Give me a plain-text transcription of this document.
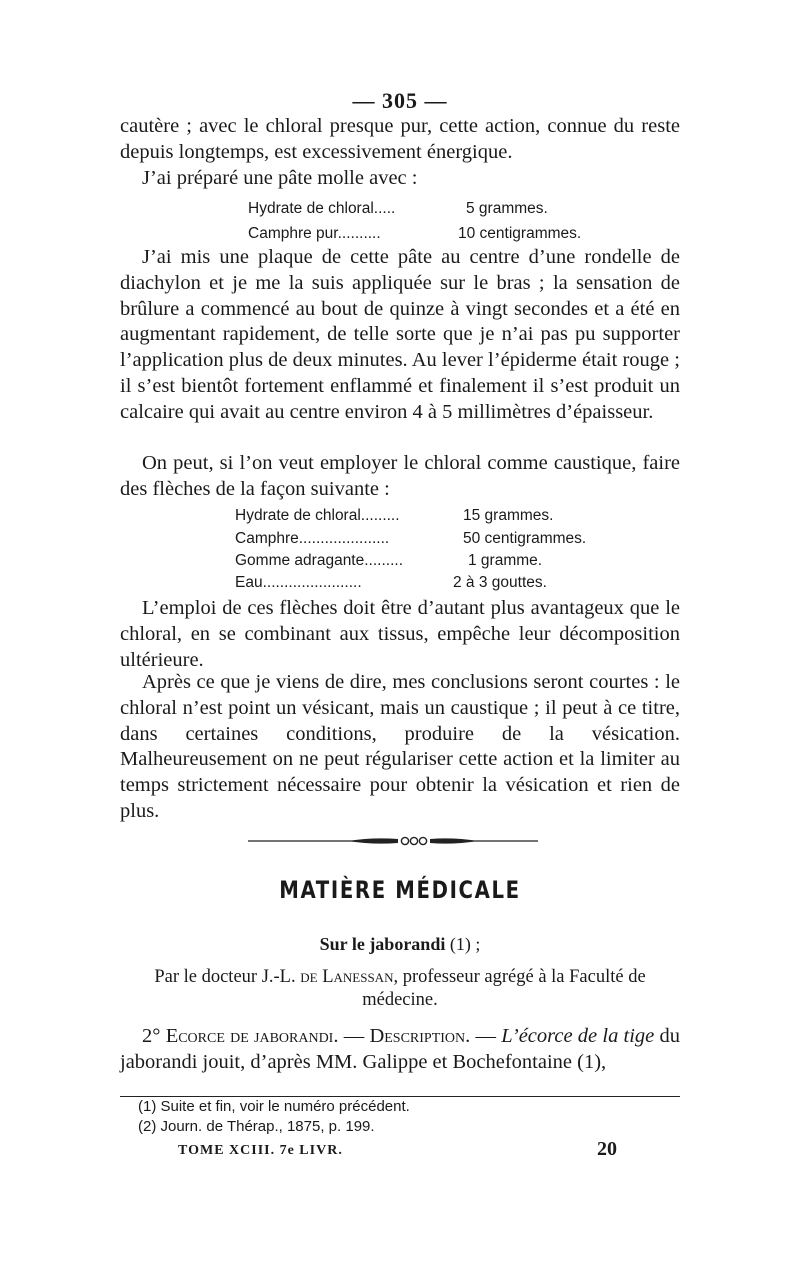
— 305 —

cautère ; avec le chloral presque pur, cette action, connue du reste depuis longtemps, est excessivement énergique.

J’ai préparé une pâte molle avec :

Hydrate de chloral.....	5 grammes.
Camphre pur..........	10 centigrammes.

J’ai mis une plaque de cette pâte au centre d’une rondelle de diachylon et je me la suis appliquée sur le bras ; la sensation de brûlure a commencé au bout de quinze à vingt secondes et a été en augmentant rapidement, de telle sorte que je n’ai pas pu supporter l’application plus de deux minutes. Au lever l’épiderme était rouge ; il s’est bientôt fortement enflammé et finalement il s’est produit un calcaire qui avait au centre environ 4 à 5 millimètres d’épaisseur.

On peut, si l’on veut employer le chloral comme caustique, faire des flèches de la façon suivante :

Hydrate de chloral.........	15 grammes.
Camphre.....................	50 centigrammes.
Gomme adragante.........	1 gramme.
Eau.......................	2 à 3 gouttes.

L’emploi de ces flèches doit être d’autant plus avantageux que le chloral, en se combinant aux tissus, empêche leur décomposition ultérieure.

Après ce que je viens de dire, mes conclusions seront courtes : le chloral n’est point un vésicant, mais un caustique ; il peut à ce titre, dans certaines conditions, produire de la vésication. Malheureusement on ne peut régulariser cette action et la limiter au temps strictement nécessaire pour obtenir la vésication et rien de plus.

MATIÈRE MÉDICALE
Sur le jaborandi (1) ;
Par le docteur J.-L. de Lanessan, professeur agrégé à la Faculté de médecine.

2° Ecorce de jaborandi. — Description. — L’écorce de la tige du jaborandi jouit, d’après MM. Galippe et Bochefontaine (1),

(1) Suite et fin, voir le numéro précédent.
(2) Journ. de Thérap., 1875, p. 199.
TOME XCIII. 7e LIVR.	20
